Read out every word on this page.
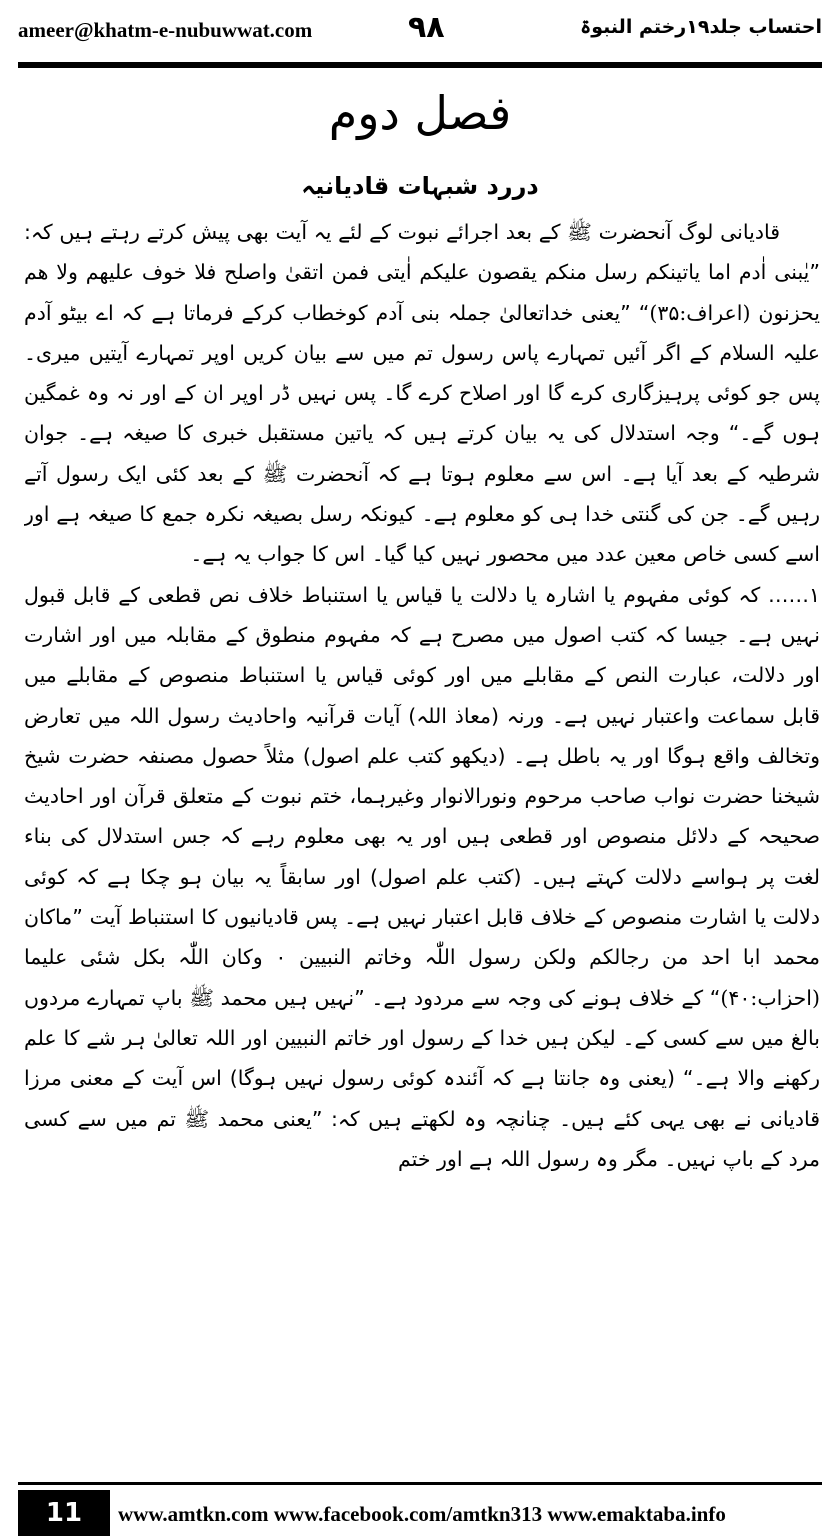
ameer@khatm-e-nubuwwat.com	۹۸	احتساب جلد۱۹رختم النبوۃ
فصل دوم
دررد شبہات قادیانیہ

قادیانی لوگ آنحضرت ﷺ کے بعد اجرائے نبوت کے لئے یہ آیت بھی پیش کرتے رہتے ہیں کہ: ”یٰبنی اٰدم اما یاتینکم رسل منکم یقصون علیکم اٰیتی فمن اتقیٰ واصلح فلا خوف علیھم ولا ھم یحزنون (اعراف:۳۵)“ ”یعنی خداتعالیٰ جملہ بنی آدم کوخطاب کرکے فرماتا ہے کہ اے بیٹو آدم علیہ السلام کے اگر آئیں تمہارے پاس رسول تم میں سے بیان کریں اوپر تمہارے آیتیں میری۔ پس جو کوئی پرہیزگاری کرے گا اور اصلاح کرے گا۔ پس نہیں ڈر اوپر ان کے اور نہ وہ غمگین ہوں گے۔“ وجہ استدلال کی یہ بیان کرتے ہیں کہ یاتین مستقبل خبری کا صیغہ ہے۔ جوان شرطیہ کے بعد آیا ہے۔ اس سے معلوم ہوتا ہے کہ آنحضرت ﷺ کے بعد کئی ایک رسول آتے رہیں گے۔ جن کی گنتی خدا ہی کو معلوم ہے۔ کیونکہ رسل بصیغہ نکرہ جمع کا صیغہ ہے اور اسے کسی خاص معین عدد میں محصور نہیں کیا گیا۔ اس کا جواب یہ ہے۔

۱…… کہ کوئی مفہوم یا اشارہ یا دلالت یا قیاس یا استنباط خلاف نص قطعی کے قابل قبول نہیں ہے۔ جیسا کہ کتب اصول میں مصرح ہے کہ مفہوم منطوق کے مقابلہ میں اور اشارت اور دلالت، عبارت النص کے مقابلے میں اور کوئی قیاس یا استنباط منصوص کے مقابلے میں قابل سماعت واعتبار نہیں ہے۔ ورنہ (معاذ اللہ) آیات قرآنیہ واحادیث رسول اللہ میں تعارض وتخالف واقع ہوگا اور یہ باطل ہے۔ (دیکھو کتب علم اصول) مثلاً حصول مصنفہ حضرت شیخ شیخنا حضرت نواب صاحب مرحوم ونورالانوار وغیرہما، ختم نبوت کے متعلق قرآن اور احادیث صحیحہ کے دلائل منصوص اور قطعی ہیں اور یہ بھی معلوم رہے کہ جس استدلال کی بناء لغت پر ہواسے دلالت کہتے ہیں۔ (کتب علم اصول) اور سابقاً یہ بیان ہو چکا ہے کہ کوئی دلالت یا اشارت منصوص کے خلاف قابل اعتبار نہیں ہے۔ پس قادیانیوں کا استنباط آیت ”ماکان محمد ابا احد من رجالکم ولکن رسول اللّٰہ وخاتم النبیین ۰ وکان اللّٰہ بکل شئی علیما (احزاب:۴۰)“ کے خلاف ہونے کی وجہ سے مردود ہے۔ ”نہیں ہیں محمد ﷺ باپ تمہارے مردوں بالغ میں سے کسی کے۔ لیکن ہیں خدا کے رسول اور خاتم النبیین اور اللہ تعالیٰ ہر شے کا علم رکھنے والا ہے۔“ (یعنی وہ جانتا ہے کہ آئندہ کوئی رسول نہیں ہوگا) اس آیت کے معنی مرزا قادیانی نے بھی یہی کئے ہیں۔ چنانچہ وہ لکھتے ہیں کہ: ”یعنی محمد ﷺ تم میں سے کسی مرد کے باپ نہیں۔ مگر وہ رسول اللہ ہے اور ختم

11	www.amtkn.com www.facebook.com/amtkn313 www.emaktaba.info
